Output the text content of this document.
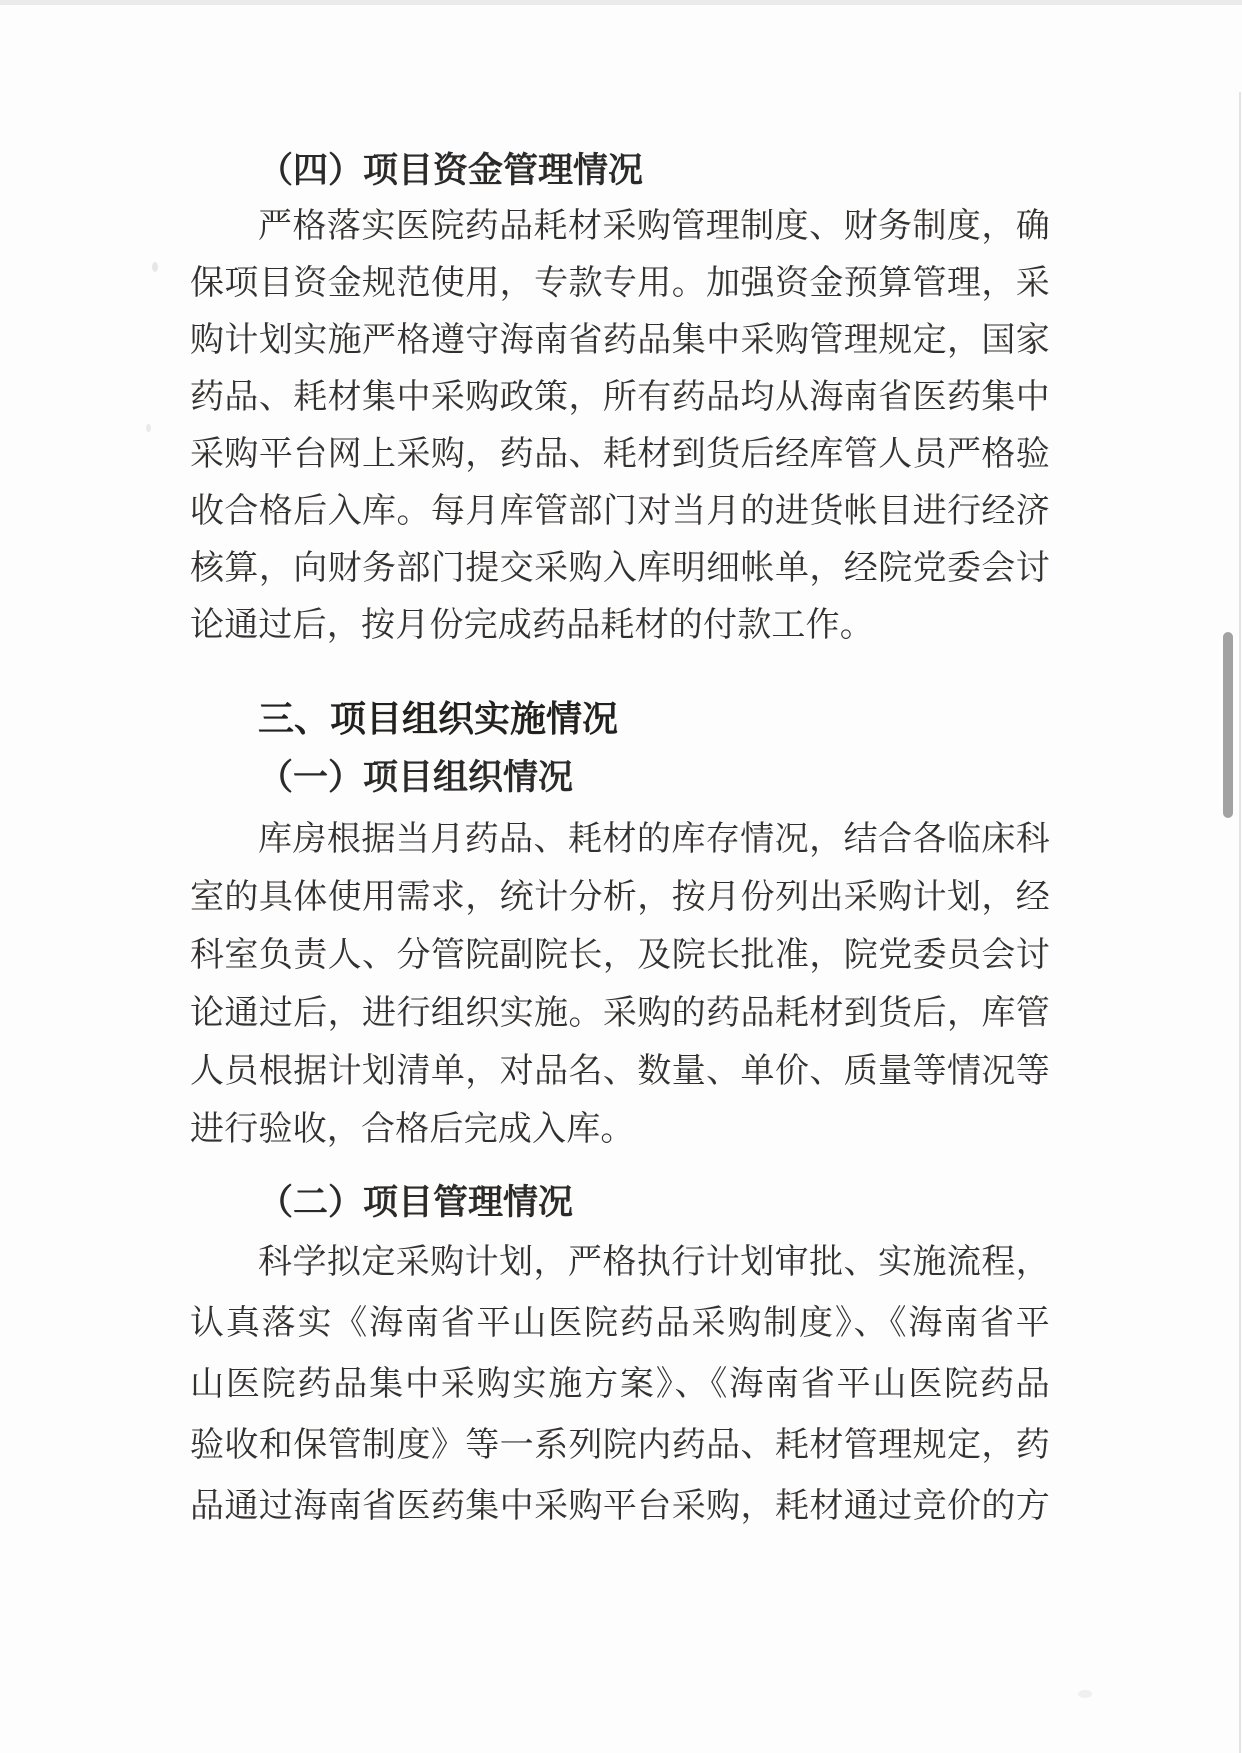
（四）项目资金管理情况
严格落实医院药品耗材采购管理制度、财务制度，确
保项目资金规范使用，专款专用。加强资金预算管理，采
购计划实施严格遵守海南省药品集中采购管理规定，国家
药品、耗材集中采购政策，所有药品均从海南省医药集中
采购平台网上采购，药品、耗材到货后经库管人员严格验
收合格后入库。每月库管部门对当月的进货帐目进行经济
核算，向财务部门提交采购入库明细帐单，经院党委会讨
论通过后，按月份完成药品耗材的付款工作。
三、项目组织实施情况
（一）项目组织情况
库房根据当月药品、耗材的库存情况，结合各临床科
室的具体使用需求，统计分析，按月份列出采购计划，经
科室负责人、分管院副院长，及院长批准，院党委员会讨
论通过后，进行组织实施。采购的药品耗材到货后，库管
人员根据计划清单，对品名、数量、单价、质量等情况等
进行验收，合格后完成入库。
（二）项目管理情况
科学拟定采购计划，严格执行计划审批、实施流程，
认真落实《海南省平山医院药品采购制度》、《海南省平
山医院药品集中采购实施方案》、《海南省平山医院药品
验收和保管制度》等一系列院内药品、耗材管理规定，药
品通过海南省医药集中采购平台采购，耗材通过竞价的方
